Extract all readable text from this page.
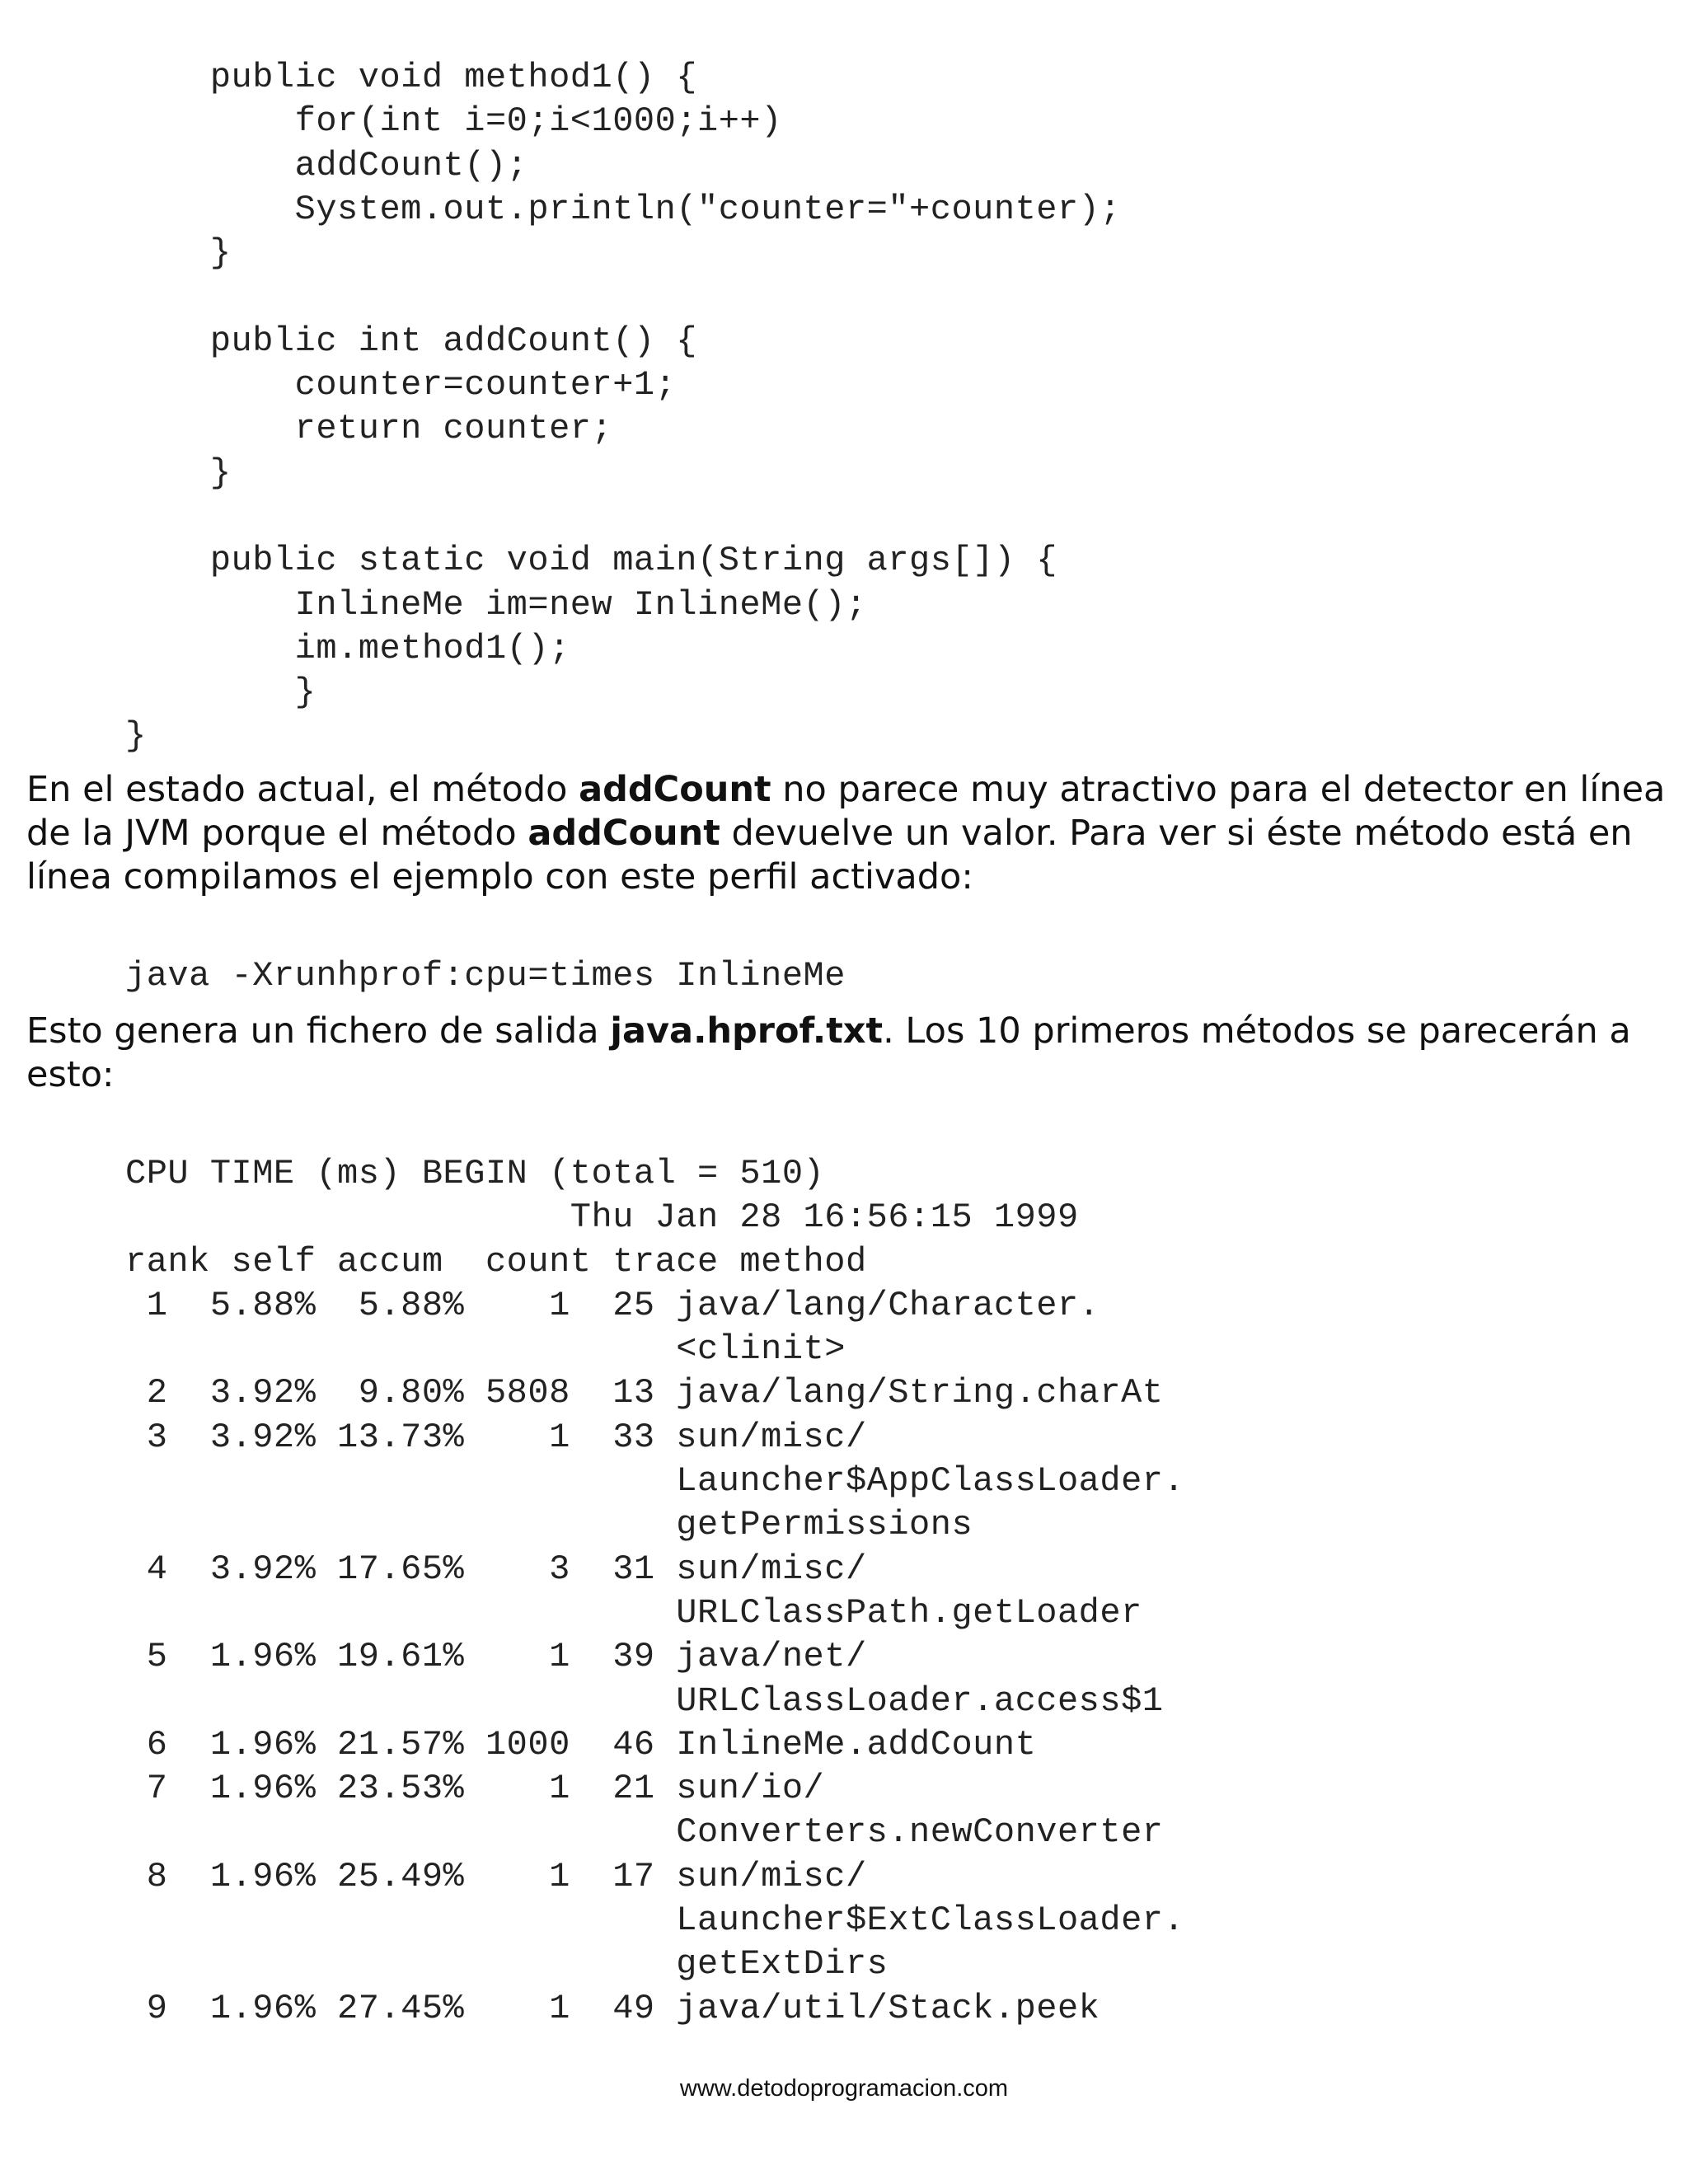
public void method1() {
for(int i=0;i<1000;i++)
addCount();
System.out.println("counter="+counter);
}

public int addCount() {
counter=counter+1;
return counter;
}

public static void main(String args[]) {
InlineMe im=new InlineMe();
im.method1();
}
}

En el estado actual, el método addCount no parece muy atractivo para el detector en línea de la JVM porque el método addCount devuelve un valor. Para ver si éste método está en línea compilamos el ejemplo con este perfil activado:

java -Xrunhprof:cpu=times InlineMe

Esto genera un fichero de salida java.hprof.txt. Los 10 primeros métodos se parecerán a esto:

CPU TIME (ms) BEGIN (total = 510)
Thu Jan 28 16:56:15 1999
rank self accum  count trace method
1  5.88%  5.88%    1  25 java/lang/Character.
<clinit>
2  3.92%  9.80% 5808  13 java/lang/String.charAt
3  3.92% 13.73%    1  33 sun/misc/
Launcher$AppClassLoader.
getPermissions
4  3.92% 17.65%    3  31 sun/misc/
URLClassPath.getLoader
5  1.96% 19.61%    1  39 java/net/
URLClassLoader.access$1
6  1.96% 21.57% 1000  46 InlineMe.addCount
7  1.96% 23.53%    1  21 sun/io/
Converters.newConverter
8  1.96% 25.49%    1  17 sun/misc/
Launcher$ExtClassLoader.
getExtDirs
9  1.96% 27.45%    1  49 java/util/Stack.peek

www.detodoprogramacion.com
